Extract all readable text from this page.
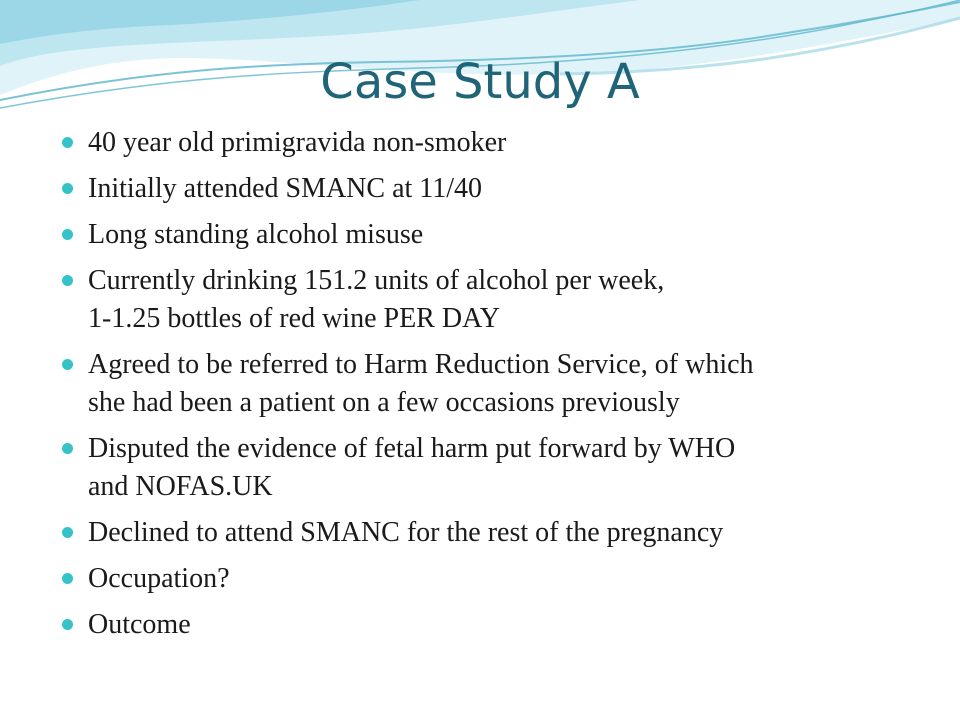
Case Study A
40 year old primigravida non-smoker
Initially attended SMANC at 11/40
Long standing alcohol misuse
Currently drinking 151.2 units of alcohol per week,
1-1.25 bottles of red wine PER DAY
Agreed to be referred to Harm Reduction Service, of which
she had been a patient on a few occasions previously
Disputed the evidence of fetal harm put forward by WHO
and NOFAS.UK
Declined to attend SMANC for the rest of the pregnancy
Occupation?
Outcome
